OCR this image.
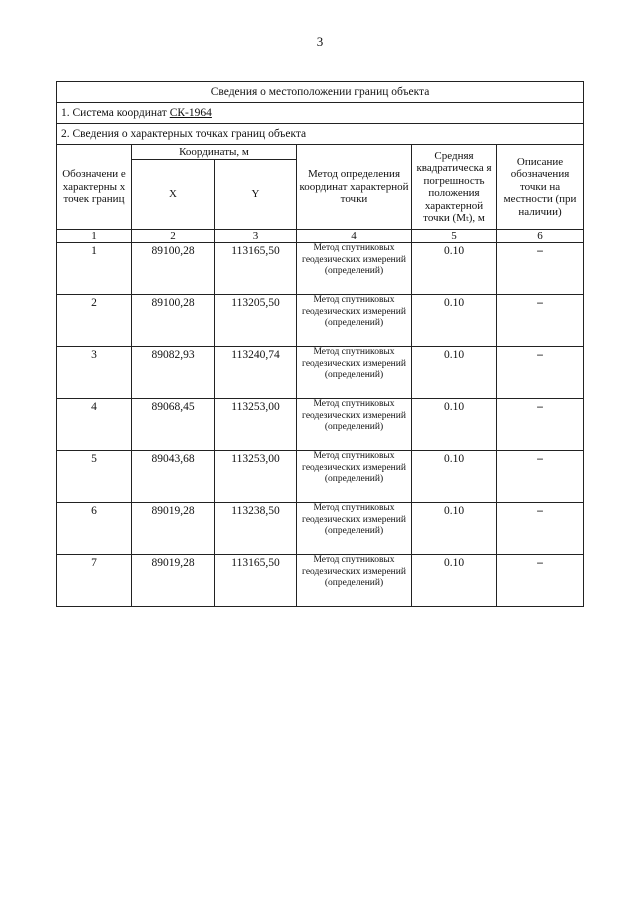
3
Сведения о местоположении границ объекта					
1. Система координат СК-1964					
2. Сведения о характерных точках границ объекта					
Обозначени е характерны х точек границ	Координаты, м		Метод определения координат характерной точки	Средняя квадратическа я погрешность положения характерной точки (Mₜ), м	Описание обозначения точки на местности (при наличии)
	X	Y			
1	2	3	4	5	6
1	89100,28	113165,50	Метод спутниковых геодезических измерений (определений)	0.10	–
2	89100,28	113205,50	Метод спутниковых геодезических измерений (определений)	0.10	–
3	89082,93	113240,74	Метод спутниковых геодезических измерений (определений)	0.10	–
4	89068,45	113253,00	Метод спутниковых геодезических измерений (определений)	0.10	–
5	89043,68	113253,00	Метод спутниковых геодезических измерений (определений)	0.10	–
6	89019,28	113238,50	Метод спутниковых геодезических измерений (определений)	0.10	–
7	89019,28	113165,50	Метод спутниковых геодезических измерений (определений)	0.10	–
